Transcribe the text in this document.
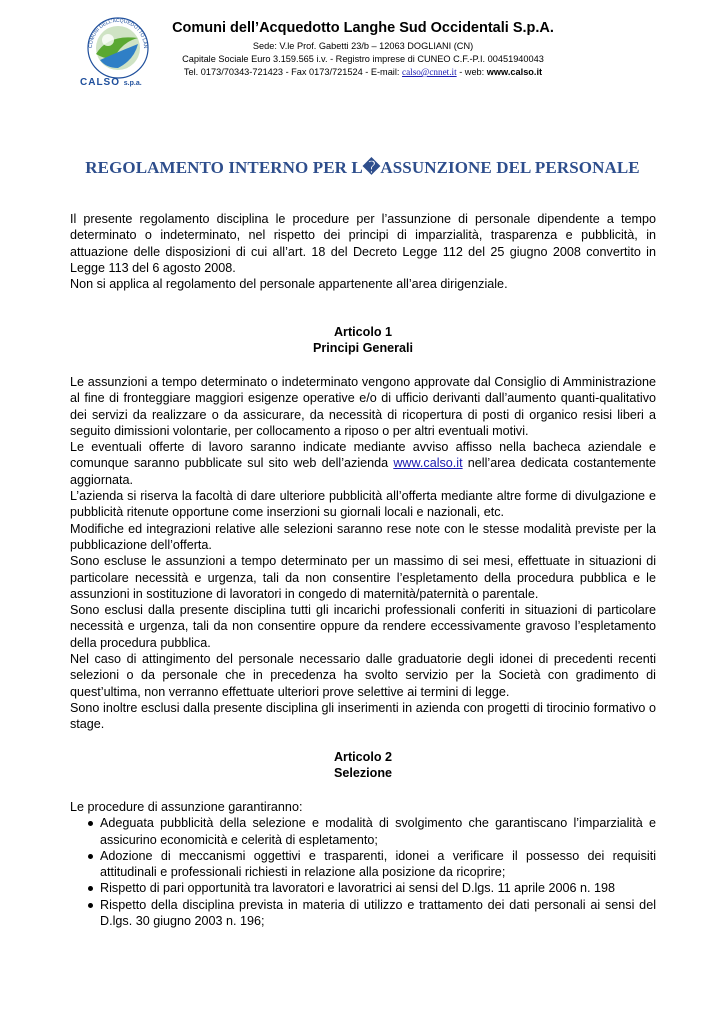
COMUNI DELL'ACQUEDOTTO LAN
CALSO s.p.a.
Comuni dell’Acquedotto Langhe Sud Occidentali S.p.A.
Sede: V.le Prof. Gabetti 23/b – 12063 DOGLIANI (CN)
Capitale Sociale Euro 3.159.565 i.v. - Registro imprese di CUNEO C.F.-P.I. 00451940043
Tel. 0173/70343-721423 - Fax 0173/721524 - E-mail: calso@cnnet.it - web: www.calso.it
REGOLAMENTO INTERNO PER L�ASSUNZIONE DEL PERSONALE

Il presente regolamento disciplina le procedure per l’assunzione di personale dipendente a tempo determinato o indeterminato, nel rispetto dei principi di imparzialità, trasparenza e pubblicità, in attuazione delle disposizioni di cui all’art. 18 del Decreto Legge 112 del 25 giugno 2008 convertito in Legge 113 del 6 agosto 2008.

Non si applica al regolamento del personale appartenente all’area dirigenziale.

Articolo 1
Principi Generali

Le assunzioni a tempo determinato o indeterminato vengono approvate dal Consiglio di Amministrazione al fine di fronteggiare maggiori esigenze operative e/o di ufficio derivanti dall’aumento quanti-qualitativo dei servizi da realizzare o da assicurare, da necessità di ricopertura di posti di organico resisi liberi a seguito dimissioni volontarie, per collocamento a riposo o per altri eventuali motivi.

Le eventuali offerte di lavoro saranno indicate mediante avviso affisso nella bacheca aziendale e comunque saranno pubblicate sul sito web dell’azienda www.calso.it nell’area dedicata costantemente aggiornata.

L’azienda si riserva la facoltà di dare ulteriore pubblicità all’offerta mediante altre forme di divulgazione e pubblicità ritenute opportune come inserzioni su giornali locali e nazionali, etc.

Modifiche ed integrazioni relative alle selezioni saranno rese note con le stesse modalità previste per la pubblicazione dell’offerta.

Sono escluse le assunzioni a tempo determinato per un massimo di sei mesi, effettuate in situazioni di particolare necessità e urgenza, tali da non consentire l’espletamento della procedura pubblica e le assunzioni in sostituzione di lavoratori in congedo di maternità/paternità o parentale.

Sono esclusi dalla presente disciplina tutti gli incarichi professionali conferiti in situazioni di particolare necessità e urgenza, tali da non consentire oppure da rendere eccessivamente gravoso l’espletamento della procedura pubblica.

Nel caso di attingimento del personale necessario dalle graduatorie degli idonei di precedenti recenti selezioni o da personale che in precedenza ha svolto servizio per la Società con gradimento di quest’ultima, non verranno effettuate ulteriori prove selettive ai termini di legge.

Sono inoltre esclusi dalla presente disciplina gli inserimenti in azienda con progetti di tirocinio formativo o stage.

Articolo 2
Selezione

Le procedure di assunzione garantiranno:

Adeguata pubblicità della selezione e modalità di svolgimento che garantiscano l’imparzialità e assicurino economicità e celerità di espletamento;
Adozione di meccanismi oggettivi e trasparenti, idonei a verificare il possesso dei requisiti attitudinali e professionali richiesti in relazione alla posizione da ricoprire;
Rispetto di pari opportunità tra lavoratori e lavoratrici ai sensi del D.lgs. 11 aprile 2006 n. 198
Rispetto della disciplina prevista in materia di utilizzo e trattamento dei dati personali ai sensi del D.lgs. 30 giugno 2003 n. 196;
